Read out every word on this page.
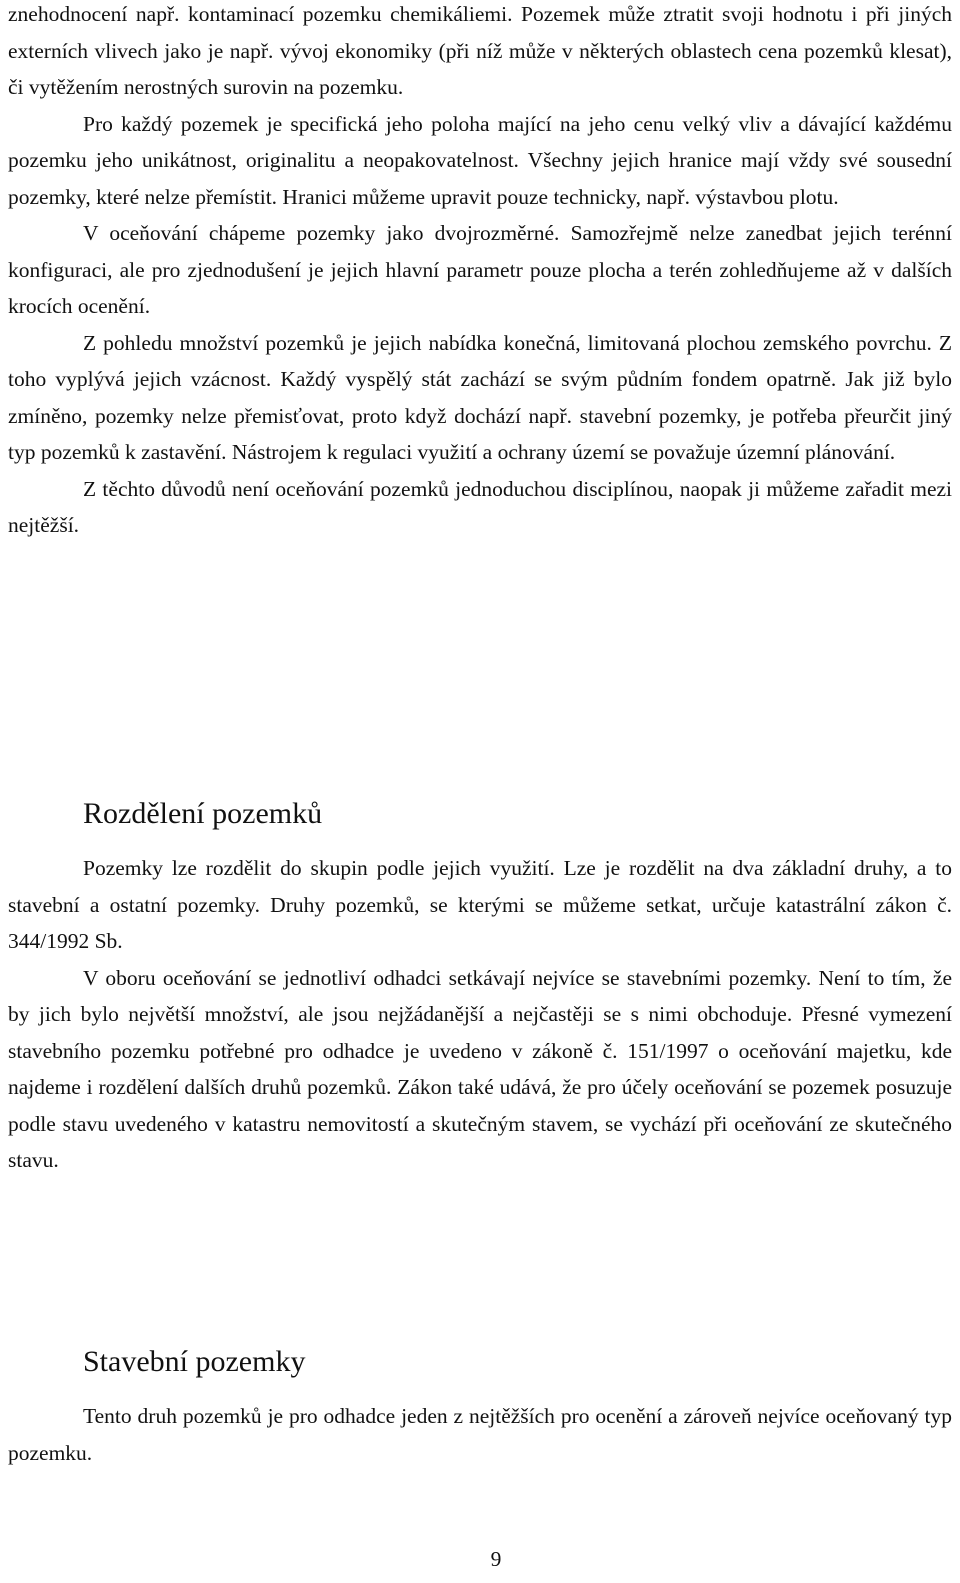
znehodnocení např. kontaminací pozemku chemikáliemi. Pozemek může ztratit svoji hodnotu i při jiných externích vlivech jako je např. vývoj ekonomiky (při níž může v některých oblastech cena pozemků klesat), či vytěžením nerostných surovin na pozemku.

Pro každý pozemek je specifická jeho poloha mající na jeho cenu velký vliv a dávající každému pozemku jeho unikátnost, originalitu a neopakovatelnost. Všechny jejich hranice mají vždy své sousední pozemky, které nelze přemístit. Hranici můžeme upravit pouze technicky, např. výstavbou plotu.

V oceňování chápeme pozemky jako dvojrozměrné. Samozřejmě nelze zanedbat jejich terénní konfiguraci, ale pro zjednodušení je jejich hlavní parametr pouze plocha a terén zohledňujeme až v dalších krocích ocenění.

Z pohledu množství pozemků je jejich nabídka konečná, limitovaná plochou zemského povrchu. Z toho vyplývá jejich vzácnost. Každý vyspělý stát zachází se svým půdním fondem opatrně. Jak již bylo zmíněno, pozemky nelze přemisťovat, proto když dochází např. stavební pozemky, je potřeba přeurčit jiný typ pozemků k zastavění. Nástrojem k regulaci využití a ochrany území se považuje územní plánování.

Z těchto důvodů není oceňování pozemků jednoduchou disciplínou, naopak ji můžeme zařadit mezi nejtěžší.

Rozdělení pozemků

Pozemky lze rozdělit do skupin podle jejich využití. Lze je rozdělit na dva základní druhy, a to stavební a ostatní pozemky. Druhy pozemků, se kterými se můžeme setkat, určuje katastrální zákon č. 344/1992 Sb.

V oboru oceňování se jednotliví odhadci setkávají nejvíce se stavebními pozemky. Není to tím, že by jich bylo největší množství, ale jsou nejžádanější a nejčastěji se s nimi obchoduje. Přesné vymezení stavebního pozemku potřebné pro odhadce je uvedeno v zákoně č. 151/1997 o oceňování majetku, kde najdeme i rozdělení dalších druhů pozemků. Zákon také udává, že pro účely oceňování se pozemek posuzuje podle stavu uvedeného v katastru nemovitostí a skutečným stavem, se vychází při oceňování ze skutečného stavu.

Stavební pozemky

Tento druh pozemků je pro odhadce jeden z nejtěžších pro ocenění a zároveň nejvíce oceňovaný typ pozemku.

9
